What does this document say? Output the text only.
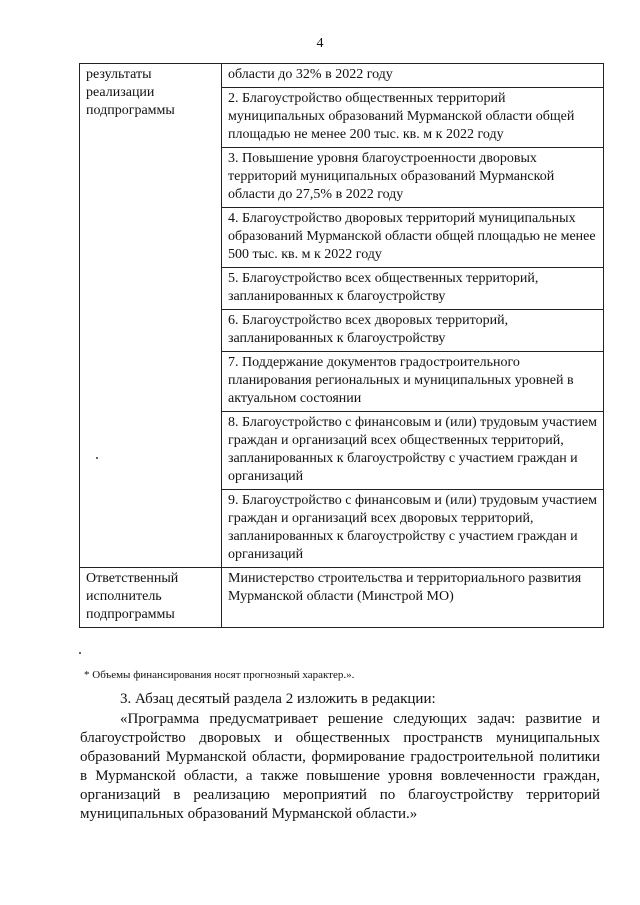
4
результаты реализации подпрограммы	области до 32% в 2022 году
	2. Благоустройство общественных территорий муниципальных образований Мурманской области общей площадью не менее 200 тыс. кв. м к 2022 году
	3. Повышение уровня благоустроенности дворовых территорий муниципальных образований Мурманской области до 27,5% в 2022 году
	4. Благоустройство дворовых территорий муниципальных образований Мурманской области общей площадью не менее 500 тыс. кв. м к 2022 году
	5. Благоустройство всех общественных территорий, запланированных к благоустройству
	6. Благоустройство всех дворовых территорий, запланированных к благоустройству
	7. Поддержание документов градостроительного планирования региональных и муниципальных уровней в актуальном состоянии
	8. Благоустройство с финансовым и (или) трудовым участием граждан и организаций всех общественных территорий, запланированных к благоустройству с участием граждан и организаций
	9. Благоустройство с финансовым и (или) трудовым участием граждан и организаций всех дворовых территорий, запланированных к благоустройству с участием граждан и организаций
Ответственный исполнитель подпрограммы	Министерство строительства и территориального развития Мурманской области (Минстрой МО)
* Объемы финансирования носят прогнозный характер.».

3. Абзац десятый раздела 2 изложить в редакции:

«Программа предусматривает решение следующих задач: развитие и благоустройство дворовых и общественных пространств муниципальных образований Мурманской области, формирование градостроительной политики в Мурманской области, а также повышение уровня вовлеченности граждан, организаций в реализацию мероприятий по благоустройству территорий муниципальных образований Мурманской области.»
